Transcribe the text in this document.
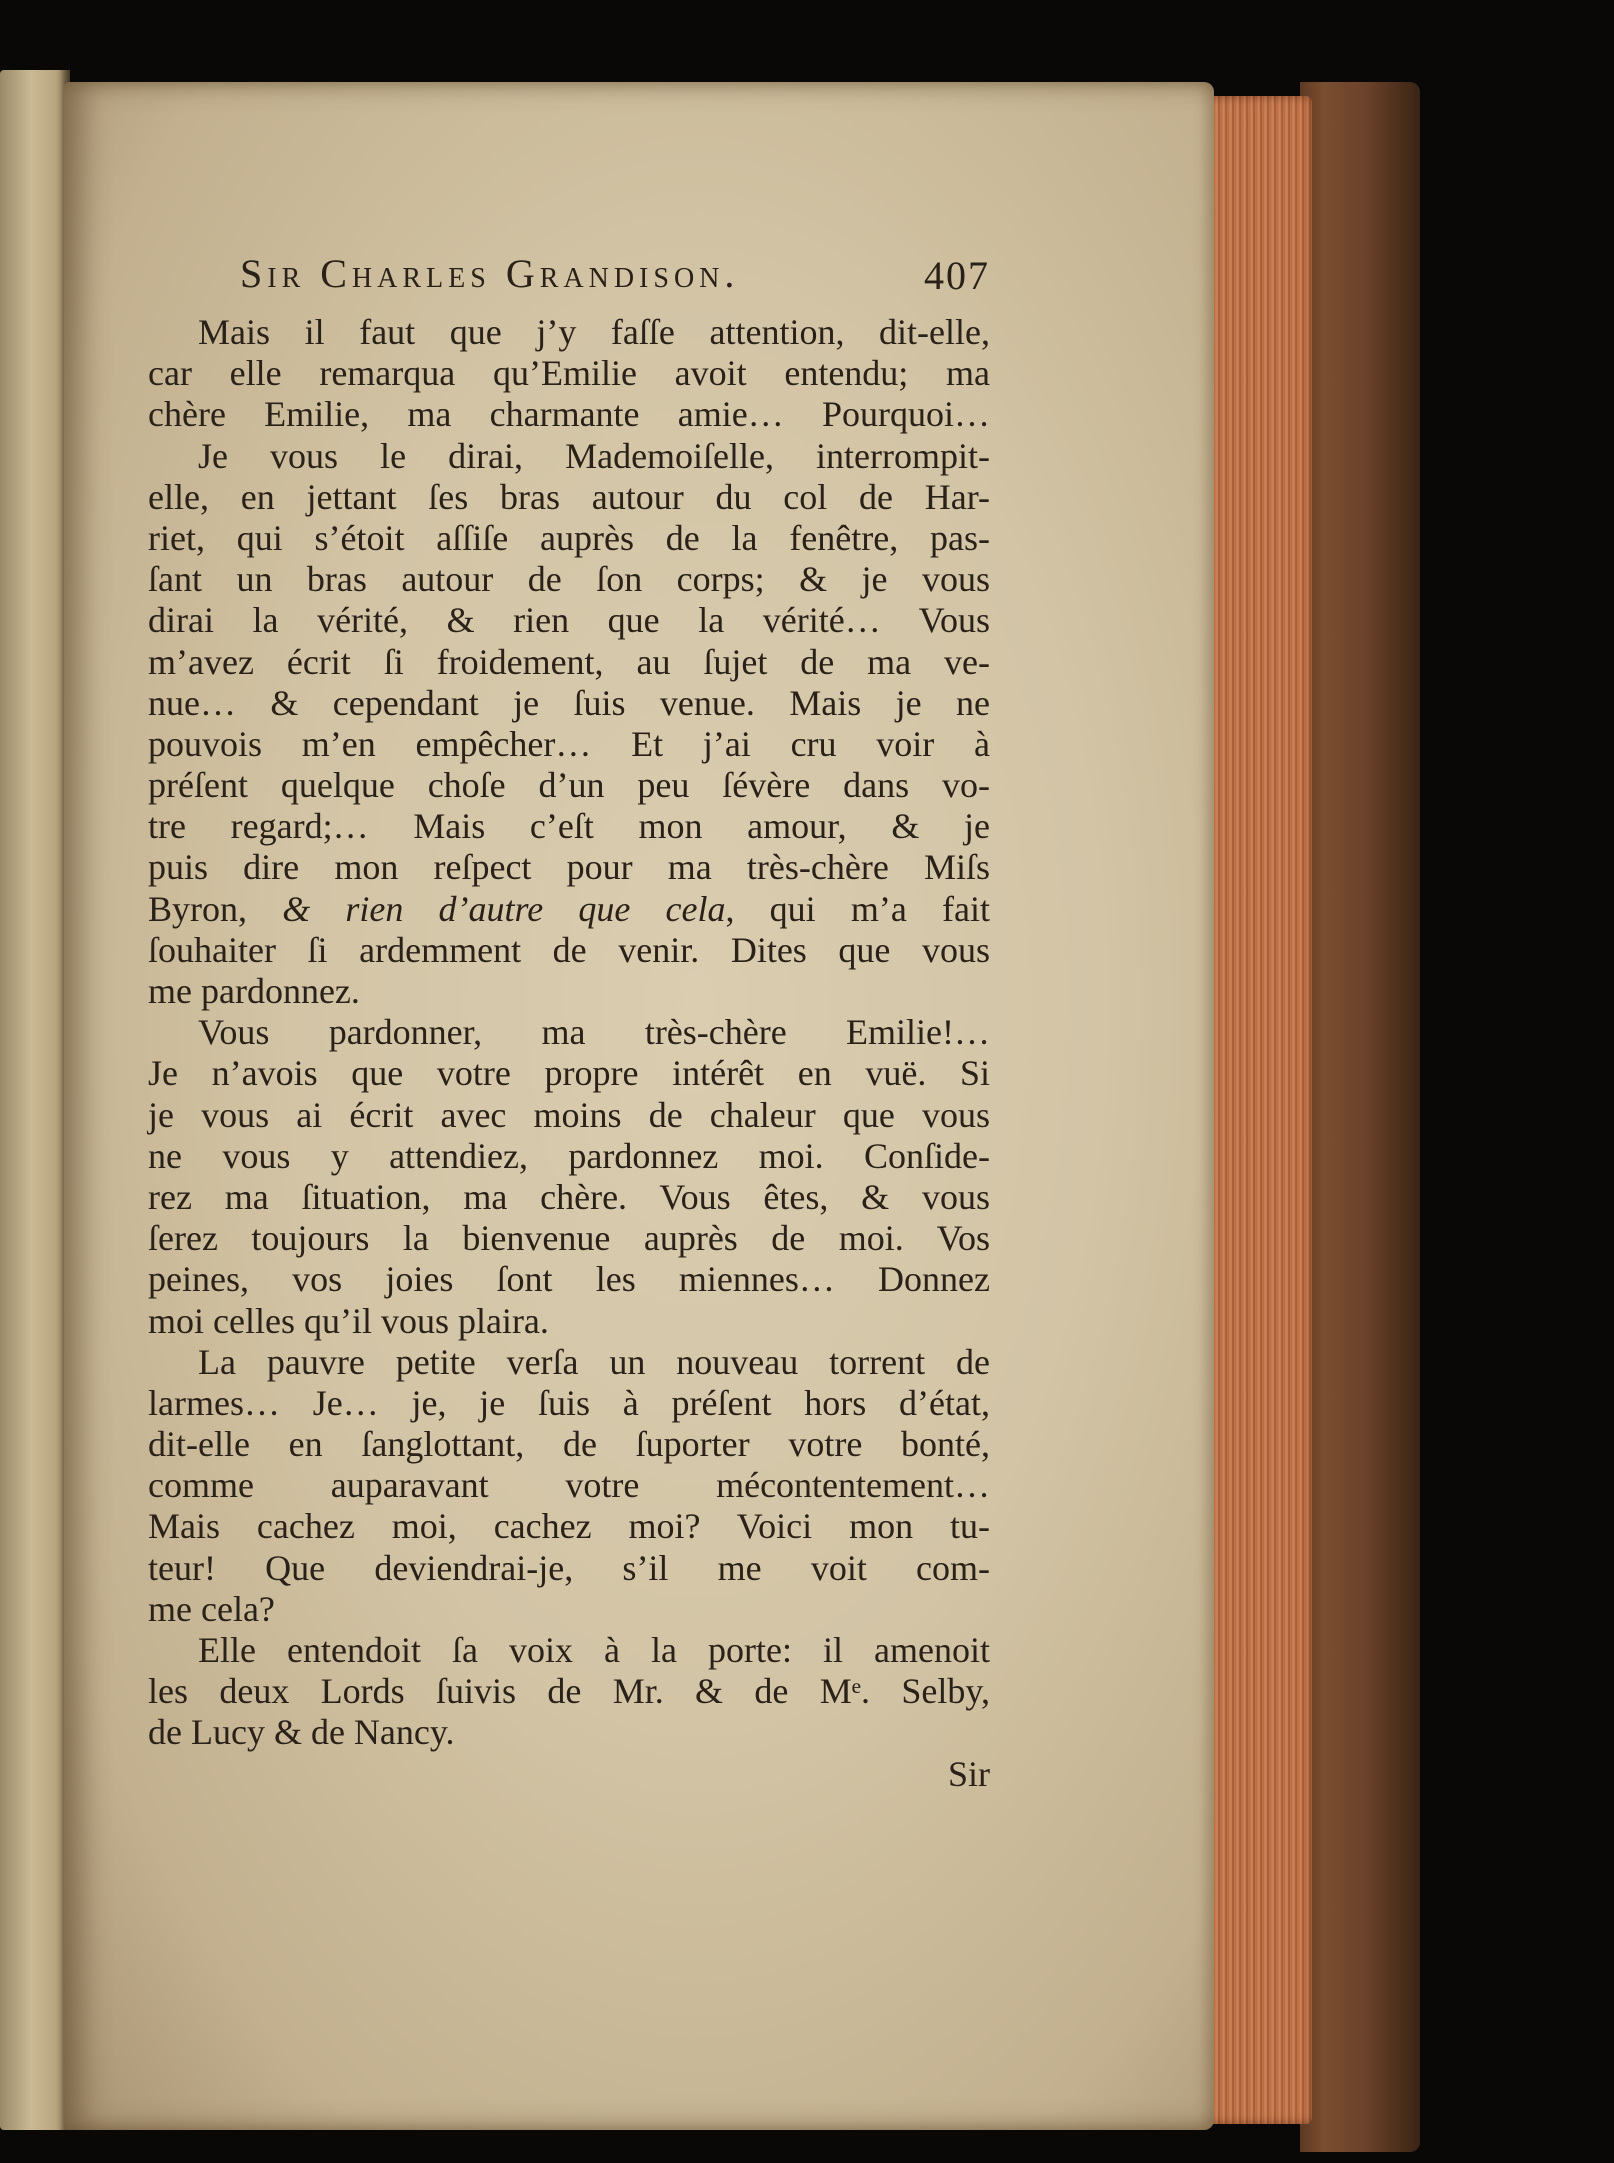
Sir Charles Grandison.	407
Mais il faut que j’y faſſe attention, dit-elle,
car elle remarqua qu’Emilie avoit entendu; ma
chère Emilie, ma charmante amie… Pourquoi…
Je vous le dirai, Mademoiſelle, interrompit-
elle, en jettant ſes bras autour du col de Har-
riet, qui s’étoit aſſiſe auprès de la fenêtre, pas-
ſant un bras autour de ſon corps; & je vous
dirai la vérité, & rien que la vérité… Vous
m’avez écrit ſi froidement, au ſujet de ma ve-
nue… & cependant je ſuis venue. Mais je ne
pouvois m’en empêcher… Et j’ai cru voir à
préſent quelque choſe d’un peu ſévère dans vo-
tre regard;… Mais c’eſt mon amour, & je
puis dire mon reſpect pour ma très-chère Miſs
Byron, & rien d’autre que cela, qui m’a fait
ſouhaiter ſi ardemment de venir. Dites que vous
me pardonnez.
Vous pardonner, ma très-chère Emilie!…
Je n’avois que votre propre intérêt en vuë. Si
je vous ai écrit avec moins de chaleur que vous
ne vous y attendiez, pardonnez moi. Conſide-
rez ma ſituation, ma chère. Vous êtes, & vous
ſerez toujours la bienvenue auprès de moi. Vos
peines, vos joies ſont les miennes… Donnez
moi celles qu’il vous plaira.
La pauvre petite verſa un nouveau torrent de
larmes… Je… je, je ſuis à préſent hors d’état,
dit-elle en ſanglottant, de ſuporter votre bonté,
comme auparavant votre mécontentement…
Mais cachez moi, cachez moi? Voici mon tu-
teur! Que deviendrai-je, s’il me voit com-
me cela?
Elle entendoit ſa voix à la porte: il amenoit
les deux Lords ſuivis de Mr. & de Mᵉ. Selby,
de Lucy & de Nancy.
Sir
